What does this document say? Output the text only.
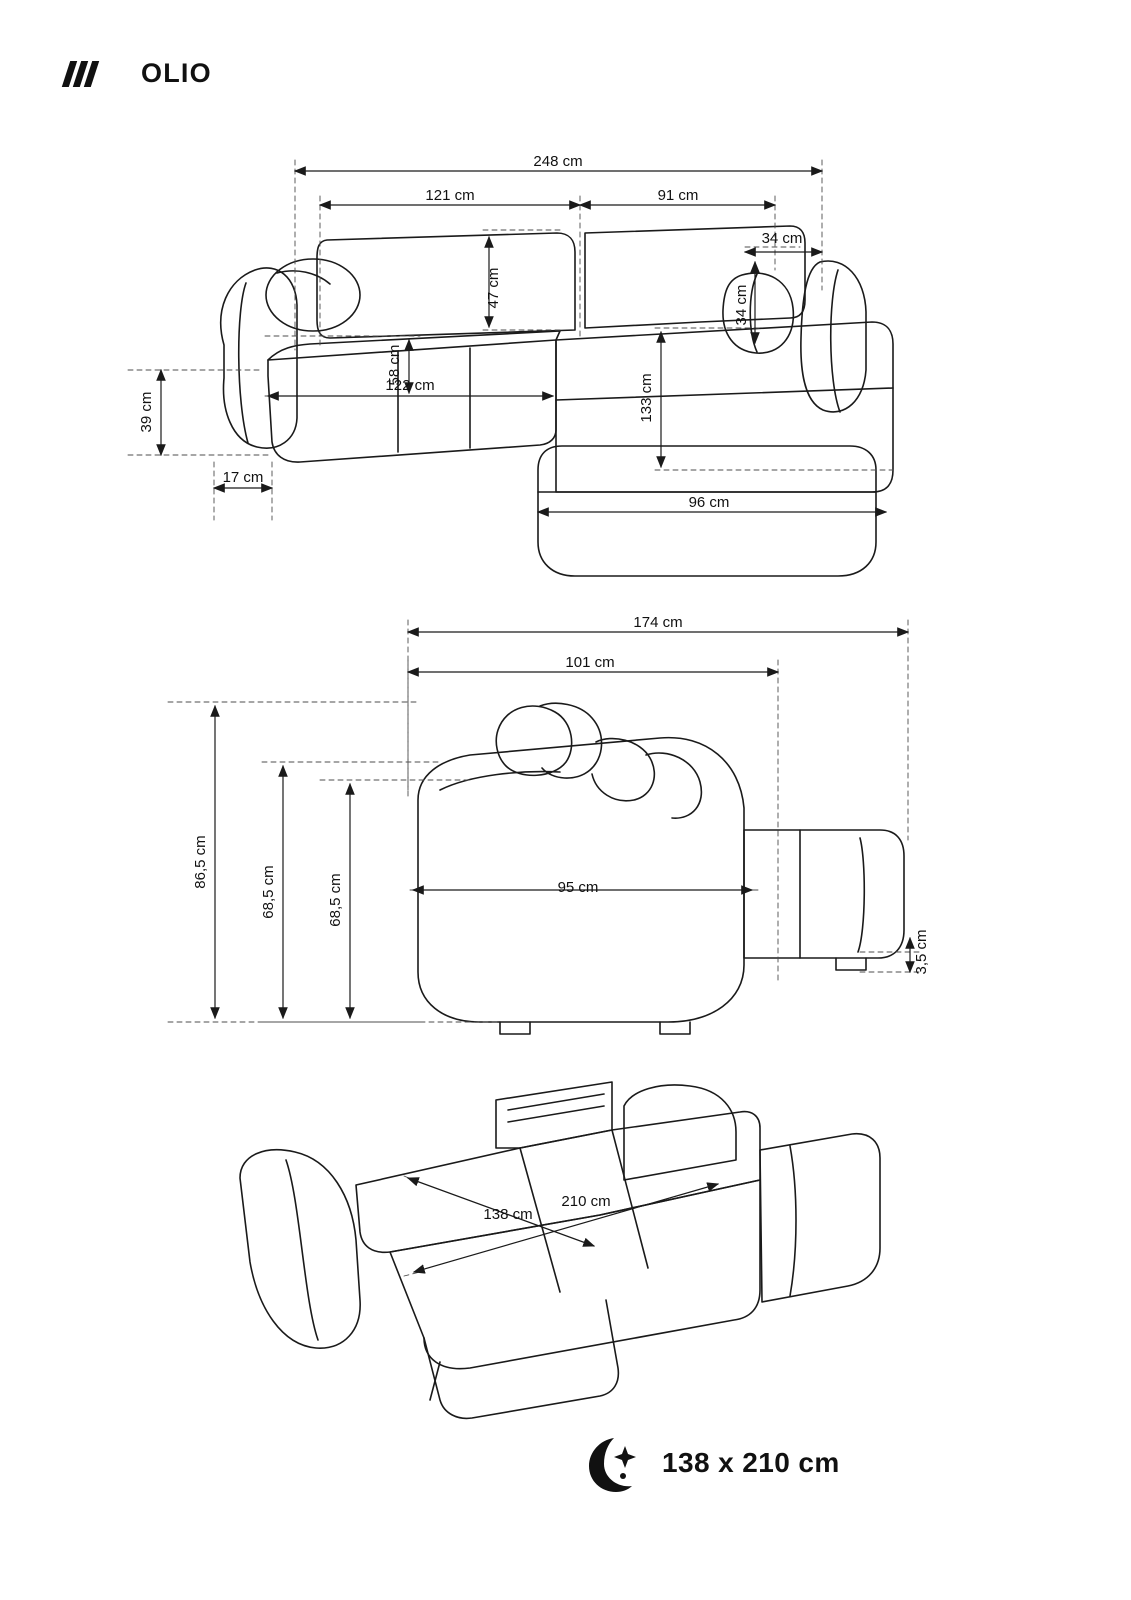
OLIO
248 cm
121 cm	91 cm
47 cm
34 cm
34 cm
58 cm
122 cm	133 cm
39 cm
17 cm
96 cm
174 cm
101 cm
86,5 cm
68,5 cm	68,5 cm	95 cm
3,5 cm
138 cm
210 cm
138 x 210 cm
